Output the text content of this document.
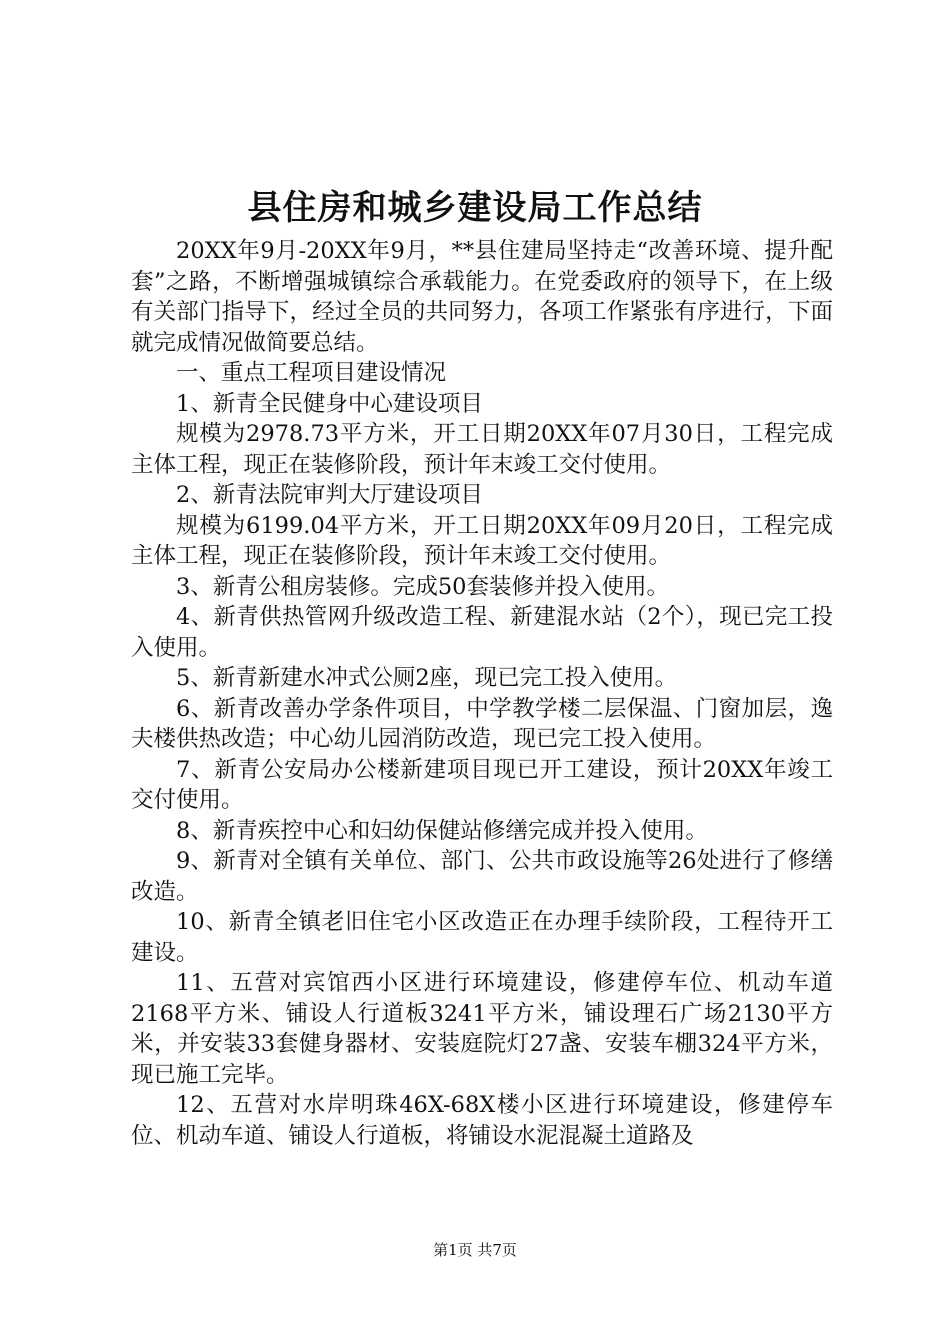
县住房和城乡建设局工作总结

20XX年9月-20XX年9月，**县住建局坚持走“改善环境、提升配套”之路，不断增强城镇综合承载能力。在党委政府的领导下，在上级有关部门指导下，经过全员的共同努力，各项工作紧张有序进行，下面就完成情况做简要总结。

一、重点工程项目建设情况

1、新青全民健身中心建设项目

规模为2978.73平方米，开工日期20XX年07月30日，工程完成主体工程，现正在装修阶段，预计年末竣工交付使用。

2、新青法院审判大厅建设项目

规模为6199.04平方米，开工日期20XX年09月20日，工程完成主体工程，现正在装修阶段，预计年末竣工交付使用。

3、新青公租房装修。完成50套装修并投入使用。

4、新青供热管网升级改造工程、新建混水站（2个），现已完工投入使用。

5、新青新建水冲式公厕2座，现已完工投入使用。

6、新青改善办学条件项目，中学教学楼二层保温、门窗加层，逸夫楼供热改造；中心幼儿园消防改造，现已完工投入使用。

7、新青公安局办公楼新建项目现已开工建设，预计20XX年竣工交付使用。

8、新青疾控中心和妇幼保健站修缮完成并投入使用。

9、新青对全镇有关单位、部门、公共市政设施等26处进行了修缮改造。

10、新青全镇老旧住宅小区改造正在办理手续阶段，工程待开工建设。

11、五营对宾馆西小区进行环境建设，修建停车位、机动车道2168平方米、铺设人行道板3241平方米，铺设理石广场2130平方米，并安装33套健身器材、安装庭院灯27盏、安装车棚324平方米，现已施工完毕。

12、五营对水岸明珠46X-68X楼小区进行环境建设，修建停车位、机动车道、铺设人行道板，将铺设水泥混凝土道路及

第1页 共7页
